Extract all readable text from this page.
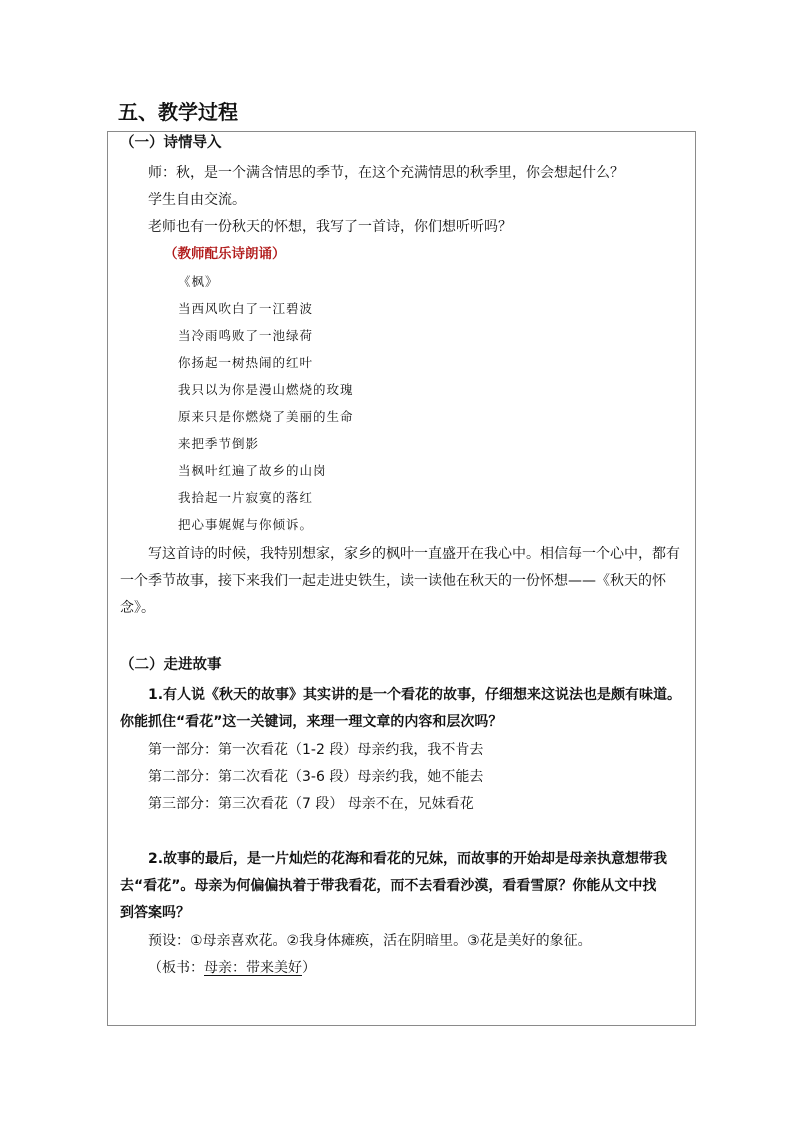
五、教学过程
（一）诗情导入
师：秋，是一个满含情思的季节，在这个充满情思的秋季里，你会想起什么？
学生自由交流。
老师也有一份秋天的怀想，我写了一首诗，你们想听听吗？
（教师配乐诗朗诵）
《枫》
当西风吹白了一江碧波
当冷雨鸣败了一池绿荷
你扬起一树热闹的红叶
我只以为你是漫山燃烧的玫瑰
原来只是你燃烧了美丽的生命
来把季节倒影
当枫叶红遍了故乡的山岗
我拾起一片寂寞的落红
把心事娓娓与你倾诉。
写这首诗的时候，我特别想家，家乡的枫叶一直盛开在我心中。相信每一个心中，都有
一个季节故事，接下来我们一起走进史铁生，读一读他在秋天的一份怀想——《秋天的怀
念》。
（二）走进故事
1.有人说《秋天的故事》其实讲的是一个看花的故事，仔细想来这说法也是颇有味道。
你能抓住“看花”这一关键词，来理一理文章的内容和层次吗？
第一部分：第一次看花（1-2 段）母亲约我，我不肯去
第二部分：第二次看花（3-6 段）母亲约我，她不能去
第三部分：第三次看花（7 段） 母亲不在，兄妹看花
2.故事的最后，是一片灿烂的花海和看花的兄妹，而故事的开始却是母亲执意想带我
去“看花”。母亲为何偏偏执着于带我看花，而不去看看沙漠，看看雪原？你能从文中找
到答案吗？
预设：①母亲喜欢花。②我身体瘫痪，活在阴暗里。③花是美好的象征。
（板书：母亲：带来美好）
